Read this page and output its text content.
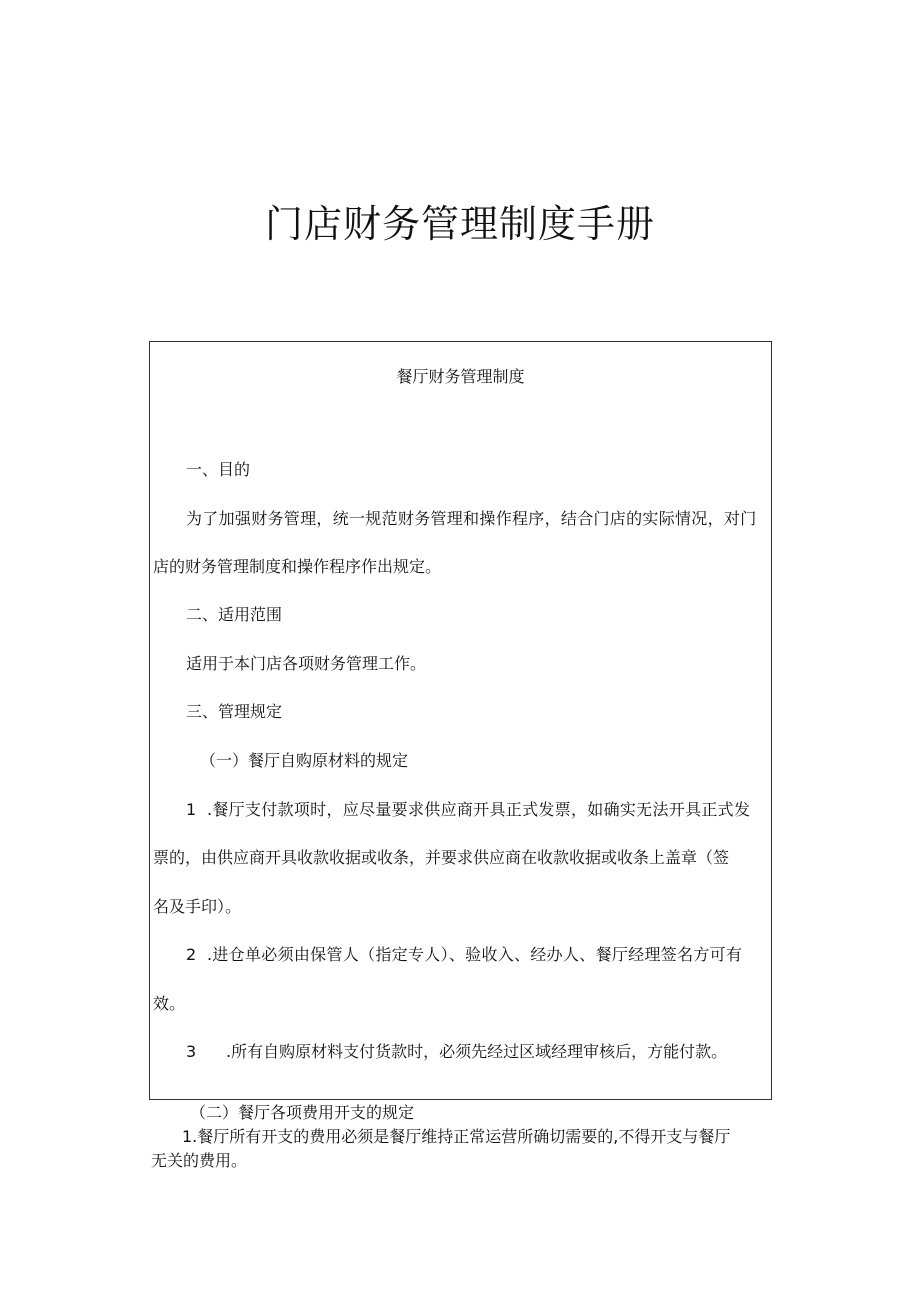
门店财务管理制度手册

餐厅财务管理制度

一、目的

为了加强财务管理，统一规范财务管理和操作程序，结合门店的实际情况，对门

店的财务管理制度和操作程序作出规定。

二、适用范围

适用于本门店各项财务管理工作。

三、管理规定

（一）餐厅自购原材料的规定

1 .餐厅支付款项时，应尽量要求供应商开具正式发票，如确实无法开具正式发

票的，由供应商开具收款收据或收条，并要求供应商在收款收据或收条上盖章（签

名及手印）。

2 .进仓单必须由保管人（指定专人）、验收入、经办人、餐厅经理签名方可有

效。

3 .所有自购原材料支付货款时，必须先经过区域经理审核后，方能付款。

（二）餐厅各项费用开支的规定

1.餐厅所有开支的费用必须是餐厅维持正常运营所确切需要的,不得开支与餐厅

无关的费用。
